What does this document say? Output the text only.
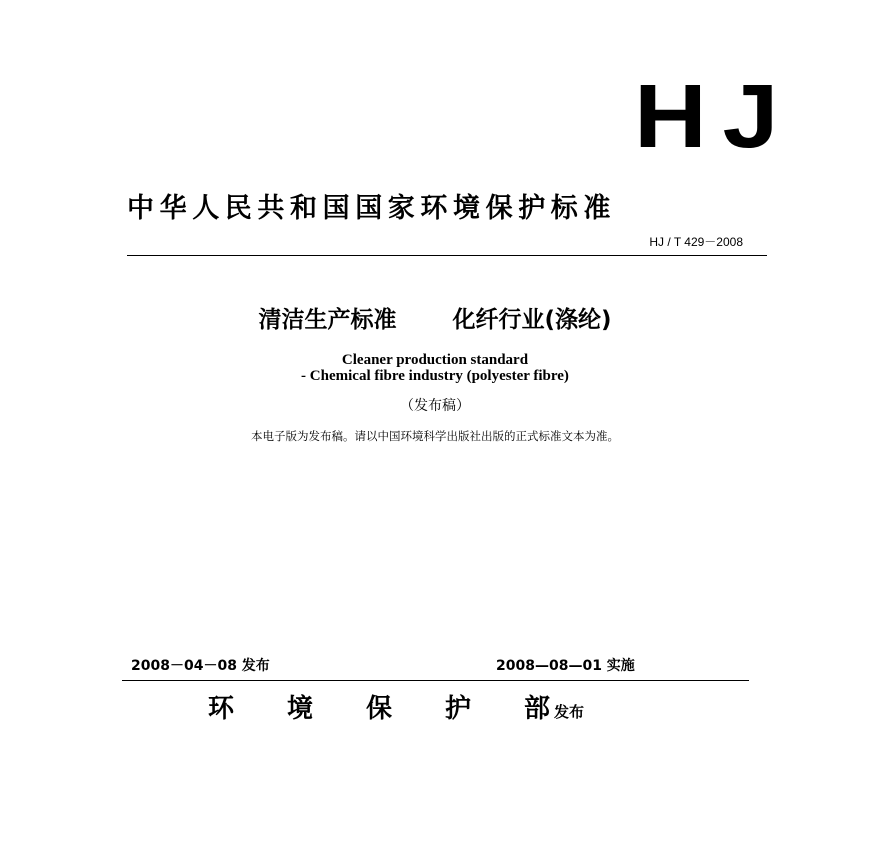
HJ
中华人民共和国国家环境保护标准
HJ / T 429－2008
清洁生产标准 化纤行业(涤纶)
Cleaner production standard
- Chemical fibre industry (polyester fibre)
（发布稿）
本电子版为发布稿。请以中国环境科学出版社出版的正式标准文本为准。
2008－04－08 发布	2008—08—01 实施
环境保护部 发布
